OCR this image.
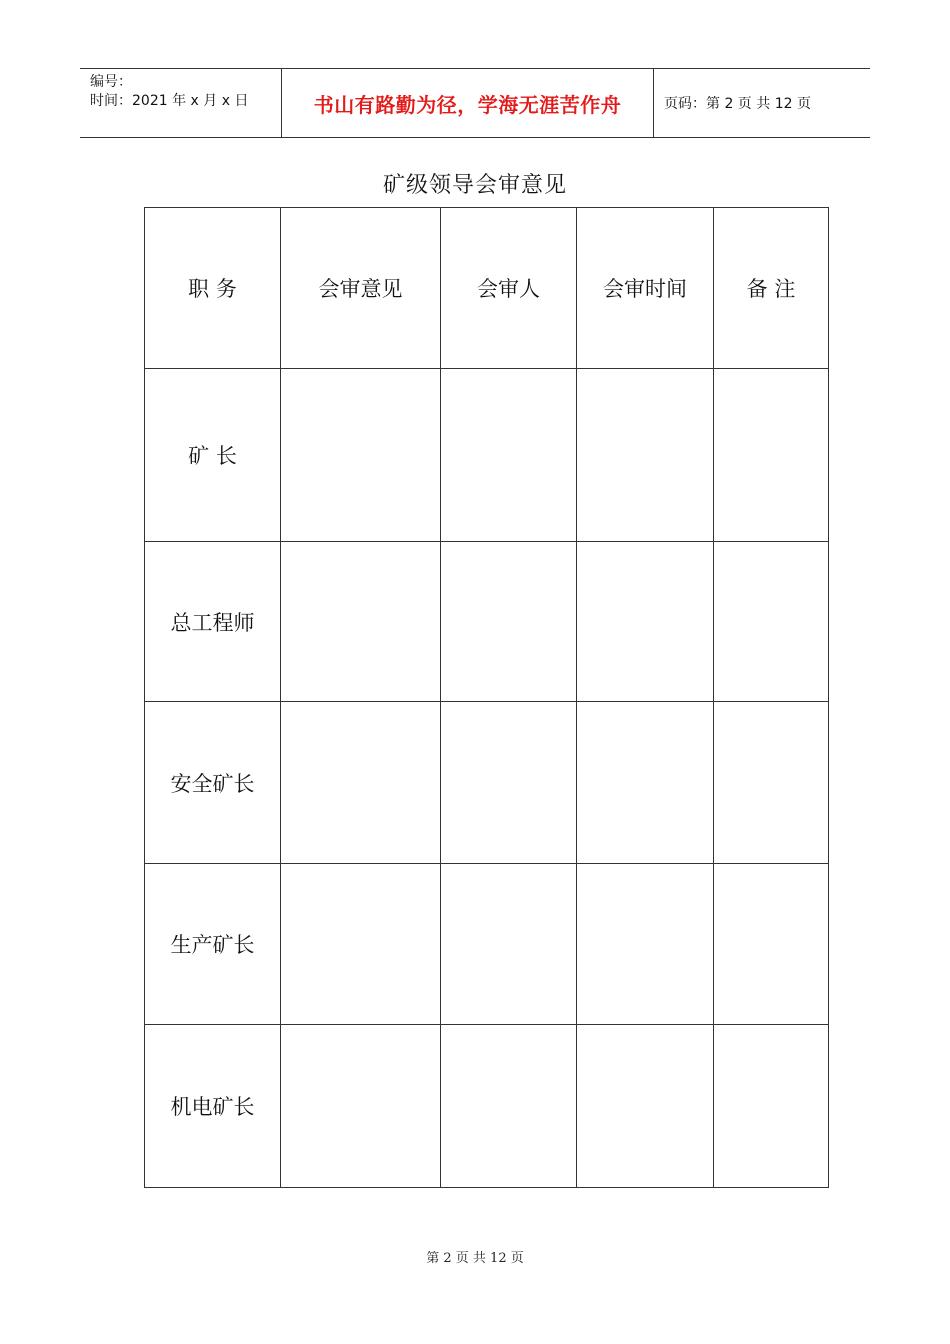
编号：
时间：2021 年 x 月 x 日	书山有路勤为径，学海无涯苦作舟	页码：第 2 页 共 12 页
矿级领导会审意见
职 务	会审意见	会审人	会审时间	备 注
矿 长				
总工程师				
安全矿长				
生产矿长				
机电矿长				
第 2 页 共 12 页
